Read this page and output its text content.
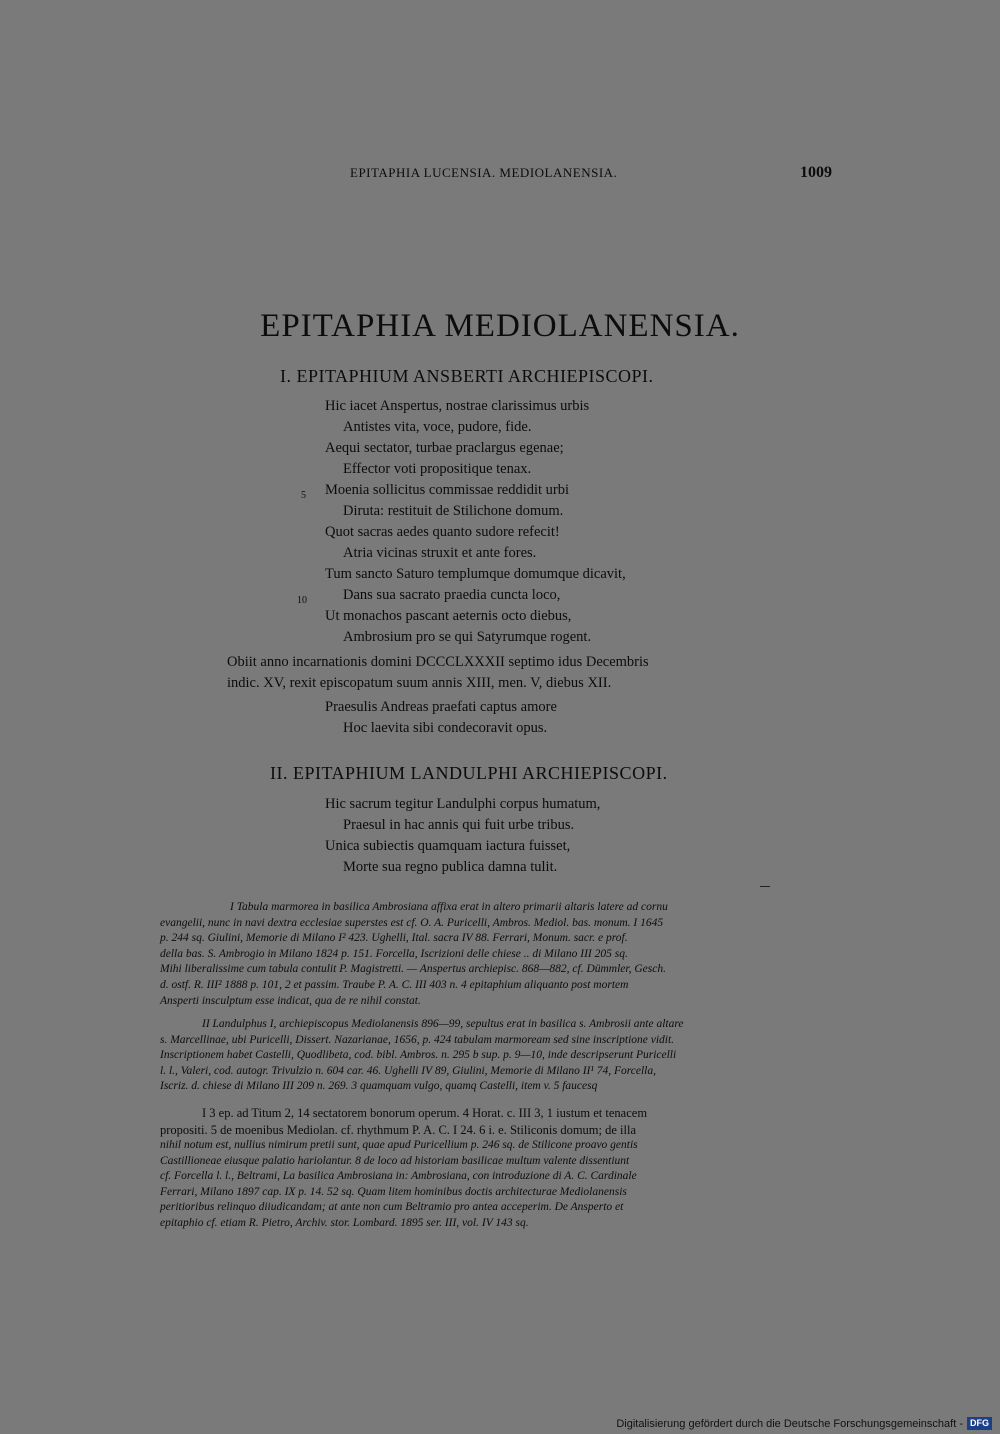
EPITAPHIA LUCENSIA. MEDIOLANENSIA.	1009
EPITAPHIA MEDIOLANENSIA.
I. EPITAPHIUM ANSBERTI ARCHIEPISCOPI.
Hic iacet Anspertus, nostrae clarissimus urbis
Antistes vita, voce, pudore, fide.
Aequi sectator, turbae praclargus egenae;
Effector voti propositique tenax.
5 Moenia sollicitus commissae reddidit urbi
Diruta: restituit de Stilichone domum.
Quot sacras aedes quanto sudore refecit!
Atria vicinas struxit et ante fores.
Tum sancto Saturo templumque domumque dicavit,
10 Dans sua sacrato praedia cuncta loco,
Ut monachos pascant aeternis octo diebus,
Ambrosium pro se qui Satyrumque rogent.
Obiit anno incarnationis domini DCCCLXXXII septimo idus Decembris
indic. XV, rexit episcopatum suum annis XIII, men. V, diebus XII.
Praesulis Andreas praefati captus amore
Hoc laevita sibi condecoravit opus.
II. EPITAPHIUM LANDULPHI ARCHIEPISCOPI.
Hic sacrum tegitur Landulphi corpus humatum,
Praesul in hac annis qui fuit urbe tribus.
Unica subiectis quamquam iactura fuisset,
Morte sua regno publica damna tulit.

I Tabula marmorea in basilica Ambrosiana affixa erat in altero primarii altaris latere ad cornu

evangelii, nunc in navi dextra ecclesiae superstes est cf. O. A. Puricelli, Ambros. Mediol. bas. monum. I 1645

p. 244 sq. Giulini, Memorie di Milano I² 423. Ughelli, Ital. sacra IV 88. Ferrari, Monum. sacr. e prof.

della bas. S. Ambrogio in Milano 1824 p. 151. Forcella, Iscrizioni delle chiese .. di Milano III 205 sq.

Mihi liberalissime cum tabula contulit P. Magistretti. — Anspertus archiepisc. 868—882, cf. Dümmler, Gesch.

d. ostf. R. III² 1888 p. 101, 2 et passim. Traube P. A. C. III 403 n. 4 epitaphium aliquanto post mortem

Ansperti insculptum esse indicat, qua de re nihil constat.

II Landulphus I, archiepiscopus Mediolanensis 896—99, sepultus erat in basilica s. Ambrosii ante altare

s. Marcellinae, ubi Puricelli, Dissert. Nazarianae, 1656, p. 424 tabulam marmoream sed sine inscriptione vidit.

Inscriptionem habet Castelli, Quodlibeta, cod. bibl. Ambros. n. 295 b sup. p. 9—10, inde descripserunt Puricelli

l. l., Valeri, cod. autogr. Trivulzio n. 604 car. 46. Ughelli IV 89, Giulini, Memorie di Milano II¹ 74, Forcella,

Iscriz. d. chiese di Milano III 209 n. 269. 3 quamquam vulgo, quamq Castelli, item v. 5 faucesq

I 3 ep. ad Titum 2, 14 sectatorem bonorum operum. 4 Horat. c. III 3, 1 iustum et tenacem

propositi. 5 de moenibus Mediolan. cf. rhythmum P. A. C. I 24. 6 i. e. Stiliconis domum; de illa

nihil notum est, nullius nimirum pretii sunt, quae apud Puricellium p. 246 sq. de Stilicone proavo gentis

Castillioneae eiusque palatio hariolantur. 8 de loco ad historiam basilicae multum valente dissentiunt

cf. Forcella l. l., Beltrami, La basilica Ambrosiana in: Ambrosiana, con introduzione di A. C. Cardinale

Ferrari, Milano 1897 cap. IX p. 14. 52 sq. Quam litem hominibus doctis architecturae Mediolanensis

peritioribus relinquo diiudicandam; at ante non cum Beltramio pro antea acceperim. De Ansperto et

epitaphio cf. etiam R. Pietro, Archiv. stor. Lombard. 1895 ser. III, vol. IV 143 sq.

Digitalisierung gefördert durch die Deutsche Forschungsgemeinschaft - DFG
